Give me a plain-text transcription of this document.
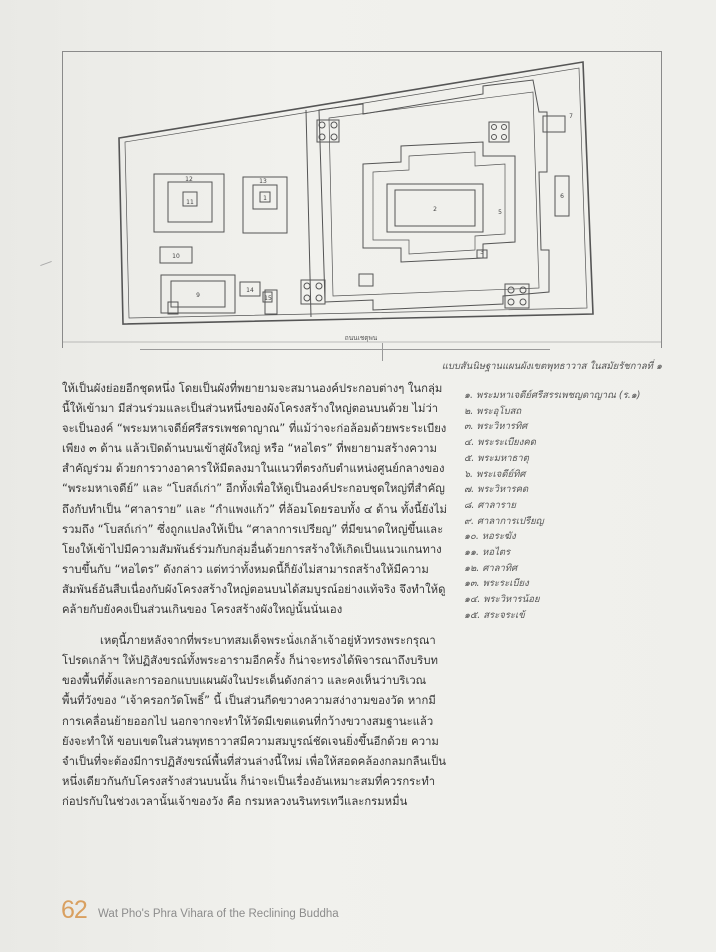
13
12
11
1
10
9
14
15
2	5
6
7
3
ถนนเชตุพน
แบบสันนิษฐานแผนผังเขตพุทธาวาส ในสมัยรัชกาลที่ ๑

ให้เป็นผังย่อยอีกชุดหนึ่ง โดยเป็นผังที่พยายามจะสมานองค์ประกอบต่างๆ ในกลุ่มนี้ให้เข้ามา มีส่วนร่วมและเป็นส่วนหนึ่งของผังโครงสร้างใหญ่ตอนบนด้วย ไม่ว่าจะเป็นองค์ “พระมหาเจดีย์ศรีสรรเพชดาญาณ” ที่แม้ว่าจะก่อล้อมด้วยพระระเบียงเพียง ๓ ด้าน แล้วเปิดด้านบนเข้าสู่ผังใหญ่ หรือ “หอไตร” ที่พยายามสร้างความสำคัญร่วม ด้วยการวางอาคารให้มีตลงมาในแนวที่ตรงกับตำแหน่งศูนย์กลางของ “พระมหาเจดีย์” และ “โบสถ์เก่า” อีกทั้งเพื่อให้ดูเป็นองค์ประกอบชุดใหญ่ที่สำคัญ ถึงกับทำเป็น “ศาลาราย” และ “กำแพงแก้ว” ที่ล้อมโดยรอบทั้ง ๔ ด้าน ทั้งนี้ยังไม่รวมถึง “โบสถ์เก่า” ซึ่งถูกแปลงให้เป็น “ศาลาการเปรียญ” ที่มีขนาดใหญ่ขึ้นและโยงให้เข้าไปมีความสัมพันธ์ร่วมกับกลุ่มอื่นด้วยการสร้างให้เกิดเป็นแนวแกนทางราบขึ้นกับ “หอไตร” ดังกล่าว แต่ทว่าทั้งหมดนี้ก็ยังไม่สามารถสร้างให้มีความสัมพันธ์อันสืบเนื่องกับผังโครงสร้างใหญ่ตอนบนได้สมบูรณ์อย่างแท้จริง จึงทำให้ดูคล้ายกับยังคงเป็นส่วนเกินของ โครงสร้างผังใหญ่นั้นนั่นเอง

เหตุนี้ภายหลังจากที่พระบาทสมเด็จพระนั่งเกล้าเจ้าอยู่หัวทรงพระกรุณาโปรดเกล้าฯ ให้ปฏิสังขรณ์ทั้งพระอารามอีกครั้ง ก็น่าจะทรงได้พิจารณาถึงบริบทของพื้นที่ตั้งและการออกแบบแผนผังในประเด็นดังกล่าว และคงเห็นว่าบริเวณพื้นที่วังของ “เจ้าครอกวัดโพธิ์” นี้ เป็นส่วนกีดขวางความสง่างามของวัด หากมีการเคลื่อนย้ายออกไป นอกจากจะทำให้วัดมีเขตแดนที่กว้างขวางสมฐานะแล้ว ยังจะทำให้ ขอบเขตในส่วนพุทธาวาสมีความสมบูรณ์ชัดเจนยิ่งขึ้นอีกด้วย ความจำเป็นที่จะต้องมีการปฏิสังขรณ์พื้นที่ส่วนล่างนี้ใหม่ เพื่อให้สอดคล้องกลมกลืนเป็นหนึ่งเดียวกันกับโครงสร้างส่วนบนนั้น ก็น่าจะเป็นเรื่องอันเหมาะสมที่ควรกระทำก่อปรกับในช่วงเวลานั้นเจ้าของวัง คือ กรมหลวงนรินทรเทวีและกรมหมื่น

๑. พระมหาเจดีย์ศรีสรรเพชญดาญาณ (ร.๑)
๒. พระอุโบสถ
๓. พระวิหารทิศ
๔. พระระเบียงคด
๕. พระมหาธาตุ
๖. พระเจดีย์ทิศ
๗. พระวิหารคด
๘. ศาลาราย
๙. ศาลาการเปรียญ
๑๐. หอระฆัง
๑๑. หอไตร
๑๒. ศาลาทิศ
๑๓. พระระเบียง
๑๔. พระวิหารน้อย
๑๕. สระจระเข้
62 Wat Pho's Phra Vihara of the Reclining Buddha
